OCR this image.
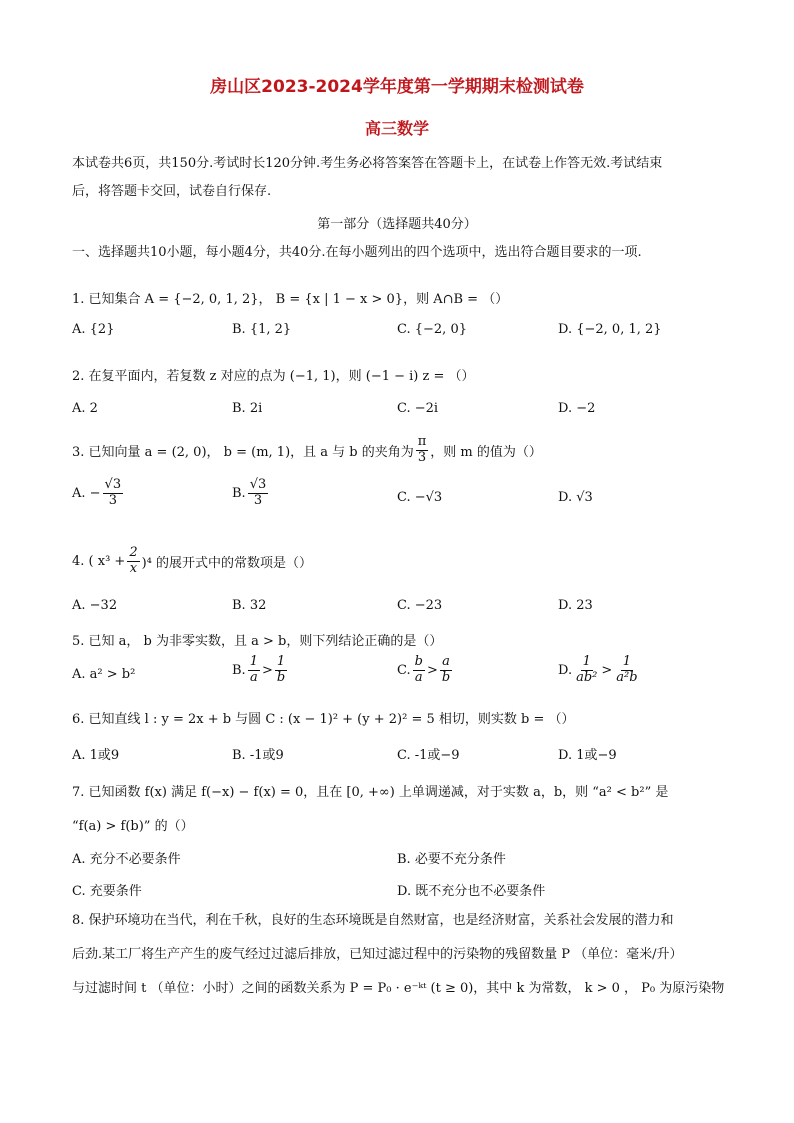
房山区2023-2024学年度第一学期期末检测试卷
高三数学
本试卷共6页，共150分.考试时长120分钟.考生务必将答案答在答题卡上，在试卷上作答无效.考试结束
后，将答题卡交回，试卷自行保存.
第一部分（选择题共40分）
一、选择题共10小题，每小题4分，共40分.在每小题列出的四个选项中，选出符合题目要求的一项.
1. 已知集合 A = {−2, 0, 1, 2}， B = {x | 1 − x > 0}，则 A∩B = （）
A. {2}	B. {1, 2}	C. {−2, 0}	D. {−2, 0, 1, 2}
2. 在复平面内，若复数 z 对应的点为 (−1, 1)，则 (−1 − i) z = （）
A. 2	B. 2i	C. −2i	D. −2
3. 已知向量 a = (2, 0)， b = (m, 1)，且 a 与 b 的夹角为 $\frac{\pi}{3}$ ，则 m 的值为（）
A. − $\frac{√3}{3}$	B. $\frac{√3}{3}$	C. −√3	D. √3
4. ( $x^3 + \frac{2}{x} )^4$ 的展开式中的常数项是（）
A. −32	B. 32	C. −23	D. 23
5. 已知 a， b 为非零实数，且 a > b，则下列结论正确的是（）
A. a² > b²	B. $\frac{1}{a} > \frac{1}{b}$	C. $\frac{b}{a} > \frac{a}{b}$	D. $\frac{1}{\text{ab²}} > \frac{1}{\text{a²b}}$
6. 已知直线 l : y = 2x + b 与圆 C : (x − 1)² + (y + 2)² = 5 相切，则实数 b = （）
A. 1或9	B. -1或9	C. -1或−9	D. 1或−9
7. 已知函数 f(x) 满足 f(−x) − f(x) = 0，且在 [0, +∞) 上单调递减，对于实数 a，b，则 “a² < b²” 是
“f(a) > f(b)” 的（）
A. 充分不必要条件	B. 必要不充分条件
C. 充要条件	D. 既不充分也不必要条件
8. 保护环境功在当代，利在千秋，良好的生态环境既是自然财富，也是经济财富，关系社会发展的潜力和
后劲.某工厂将生产产生的废气经过过滤后排放，已知过滤过程中的污染物的残留数量 P （单位：毫米/升）
与过滤时间 t （单位：小时）之间的函数关系为 P = P₀ · e⁻ᵏᵗ (t ≥ 0)，其中 k 为常数， k > 0 ， P₀ 为原污染物
